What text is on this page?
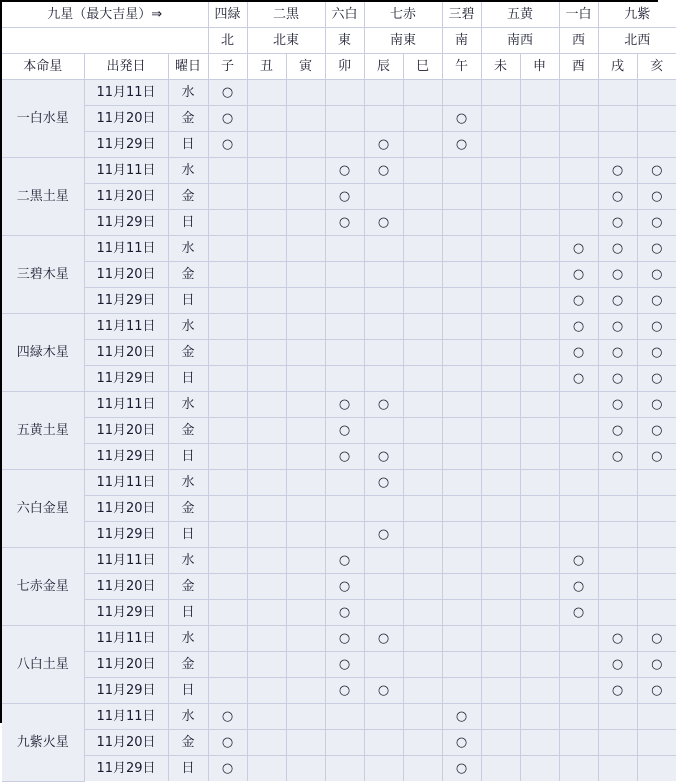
九星（最大吉星）⇒			四緑	二黒		六白	七赤		三碧	五黄		一白	九紫	
			北	北東		東	南東		南	南西		西	北西	
本命星	出発日	曜日	子	丑	寅	卯	辰	巳	午	未	申	酉	戌	亥
一白水星	11月11日	水	○											
	11月20日	金	○						○					
	11月29日	日	○				○		○					
二黒土星	11月11日	水				○	○						○	○
	11月20日	金				○							○	○
	11月29日	日				○	○						○	○
三碧木星	11月11日	水										○	○	○
	11月20日	金										○	○	○
	11月29日	日										○	○	○
四緑木星	11月11日	水										○	○	○
	11月20日	金										○	○	○
	11月29日	日										○	○	○
五黄土星	11月11日	水				○	○						○	○
	11月20日	金				○							○	○
	11月29日	日				○	○						○	○
六白金星	11月11日	水					○							
	11月20日	金												
	11月29日	日					○							
七赤金星	11月11日	水				○						○		
	11月20日	金				○						○		
	11月29日	日				○						○		
八白土星	11月11日	水				○	○						○	○
	11月20日	金				○							○	○
	11月29日	日				○	○						○	○
九紫火星	11月11日	水	○						○					
	11月20日	金	○						○					
	11月29日	日	○						○					
